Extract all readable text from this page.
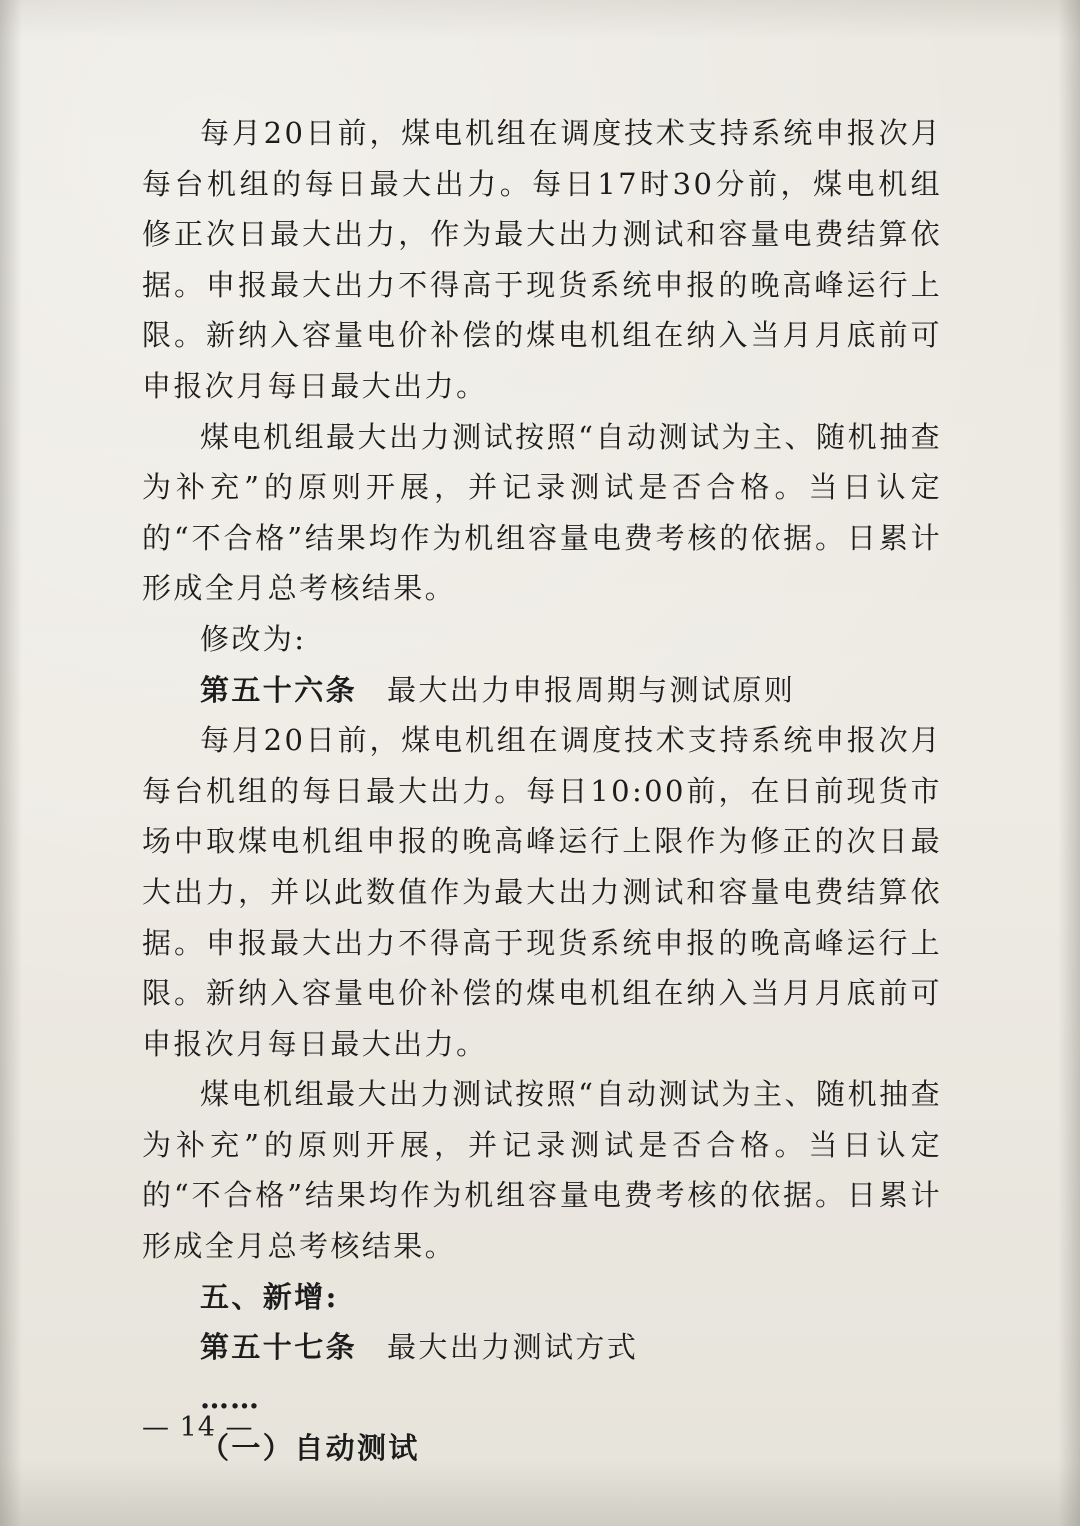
每月20日前，煤电机组在调度技术支持系统申报次月每台机组的每日最大出力。每日17时30分前，煤电机组修正次日最大出力，作为最大出力测试和容量电费结算依据。申报最大出力不得高于现货系统申报的晚高峰运行上限。新纳入容量电价补偿的煤电机组在纳入当月月底前可申报次月每日最大出力。

煤电机组最大出力测试按照“自动测试为主、随机抽查为补充”的原则开展，并记录测试是否合格。当日认定的“不合格”结果均作为机组容量电费考核的依据。日累计形成全月总考核结果。

修改为:

第五十六条 最大出力申报周期与测试原则

每月20日前，煤电机组在调度技术支持系统申报次月每台机组的每日最大出力。每日10:00前，在日前现货市场中取煤电机组申报的晚高峰运行上限作为修正的次日最大出力，并以此数值作为最大出力测试和容量电费结算依据。申报最大出力不得高于现货系统申报的晚高峰运行上限。新纳入容量电价补偿的煤电机组在纳入当月月底前可申报次月每日最大出力。

煤电机组最大出力测试按照“自动测试为主、随机抽查为补充”的原则开展，并记录测试是否合格。当日认定的“不合格”结果均作为机组容量电费考核的依据。日累计形成全月总考核结果。

五、新增:

第五十七条 最大出力测试方式

……

（一）自动测试

— 14 —
